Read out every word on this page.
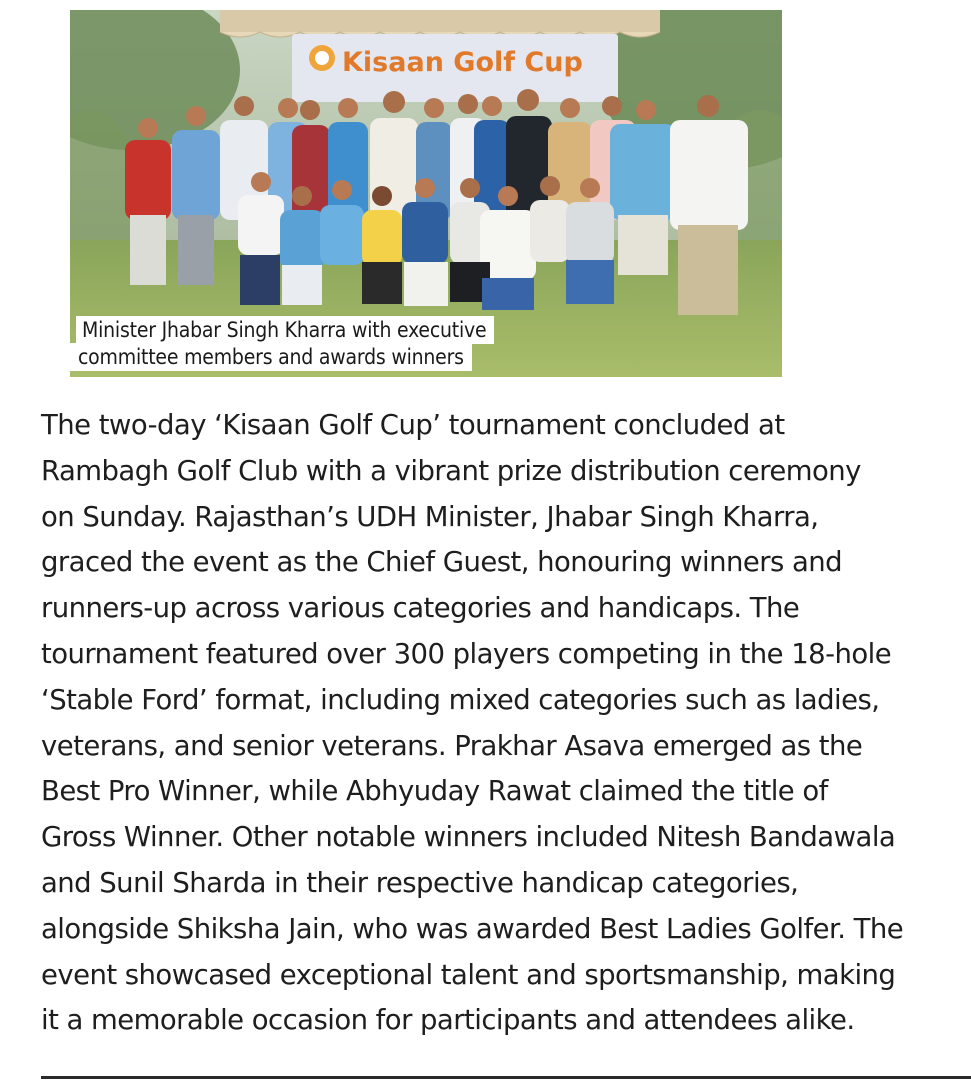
Kisaan Golf Cup
Minister Jhabar Singh Kharra with executive
committee members and awards winners
The two-day ‘Kisaan Golf Cup’ tournament concluded at
Rambagh Golf Club with a vibrant prize distribution ceremony
on Sunday. Rajasthan’s UDH Minister, Jhabar Singh Kharra,
graced the event as the Chief Guest, honouring winners and
runners-up across various categories and handicaps. The
tournament featured over 300 players competing in the 18-hole
‘Stable Ford’ format, including mixed categories such as ladies,
veterans, and senior veterans. Prakhar Asava emerged as the
Best Pro Winner, while Abhyuday Rawat claimed the title of
Gross Winner. Other notable winners included Nitesh Bandawala
and Sunil Sharda in their respective handicap categories,
alongside Shiksha Jain, who was awarded Best Ladies Golfer. The
event showcased exceptional talent and sportsmanship, making
it a memorable occasion for participants and attendees alike.
